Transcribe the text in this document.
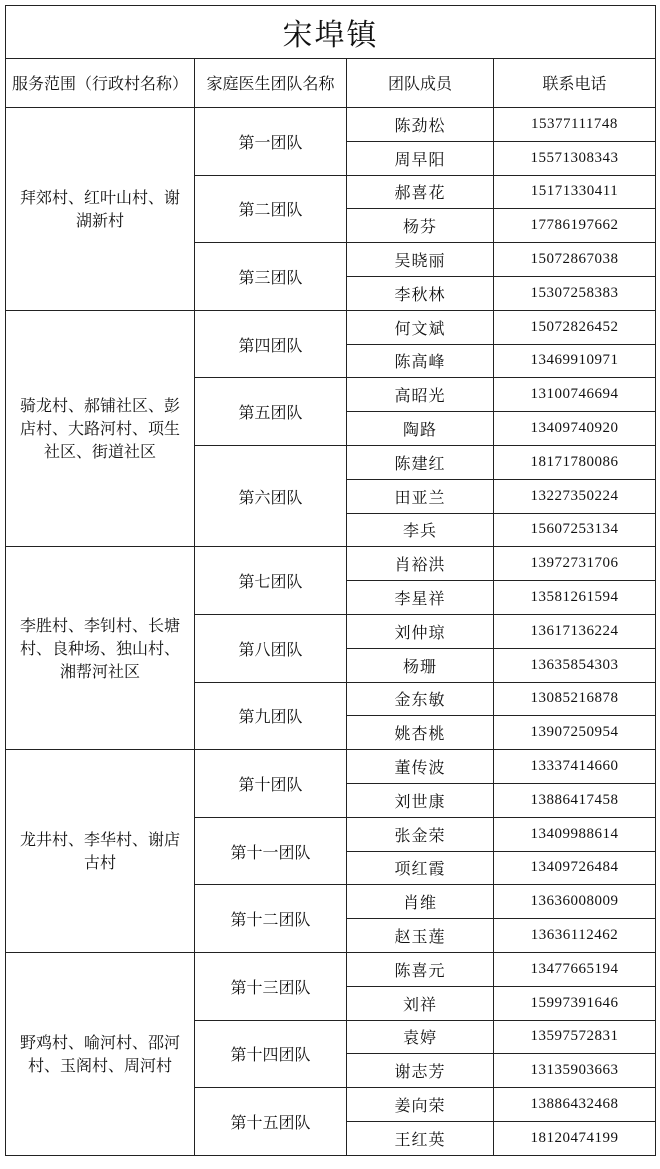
宋埠镇			
服务范围（行政村名称）	家庭医生团队名称	团队成员	联系电话
拜郊村、红叶山村、谢湖新村	第一团队	陈劲松	15377111748
		周早阳	15571308343
	第二团队	郝喜花	15171330411
		杨芬	17786197662
	第三团队	吴晓丽	15072867038
		李秋林	15307258383
骑龙村、郝铺社区、彭店村、大路河村、项生社区、街道社区	第四团队	何文斌	15072826452
		陈高峰	13469910971
	第五团队	高昭光	13100746694
		陶路	13409740920
	第六团队	陈建红	18171780086
		田亚兰	13227350224
		李兵	15607253134
李胜村、李钊村、长塘村、良种场、独山村、湘帮河社区	第七团队	肖裕洪	13972731706
		李星祥	13581261594
	第八团队	刘仲琼	13617136224
		杨珊	13635854303
	第九团队	金东敏	13085216878
		姚杏桃	13907250954
龙井村、李华村、谢店古村	第十团队	董传波	13337414660
		刘世康	13886417458
	第十一团队	张金荣	13409988614
		项红霞	13409726484
	第十二团队	肖维	13636008009
		赵玉莲	13636112462
野鸡村、喻河村、邵河村、玉阁村、周河村	第十三团队	陈喜元	13477665194
		刘祥	15997391646
	第十四团队	袁婷	13597572831
		谢志芳	13135903663
	第十五团队	姜向荣	13886432468
		王红英	18120474199
